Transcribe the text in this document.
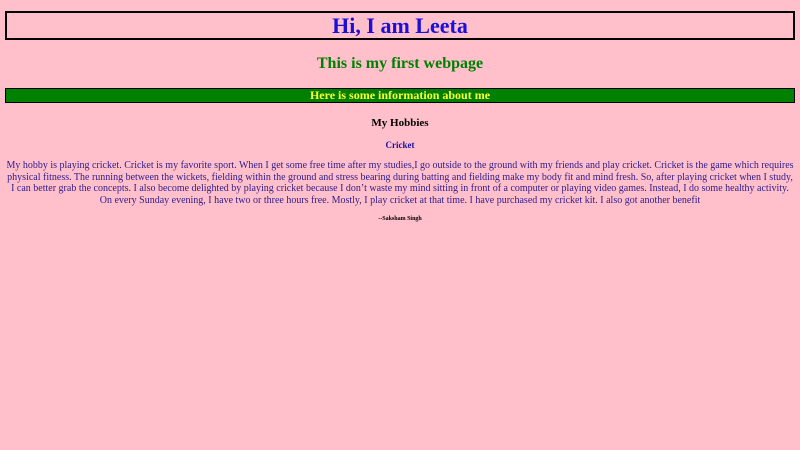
Hi, I am Leeta
This is my first webpage
Here is some information about me
My Hobbies
Cricket

My hobby is playing cricket. Cricket is my favorite sport. When I get some free time after my studies,I go outside to the ground with my friends and play cricket. Cricket is the game which requires physical fitness. The running between the wickets, fielding within the ground and stress bearing during batting and fielding make my body fit and mind fresh. So, after playing cricket when I study, I can better grab the concepts. I also become delighted by playing cricket because I don’t waste my mind sitting in front of a computer or playing video games. Instead, I do some healthy activity. On every Sunday evening, I have two or three hours free. Mostly, I play cricket at that time. I have purchased my cricket kit. I also got another benefit

--Saksham Singh
